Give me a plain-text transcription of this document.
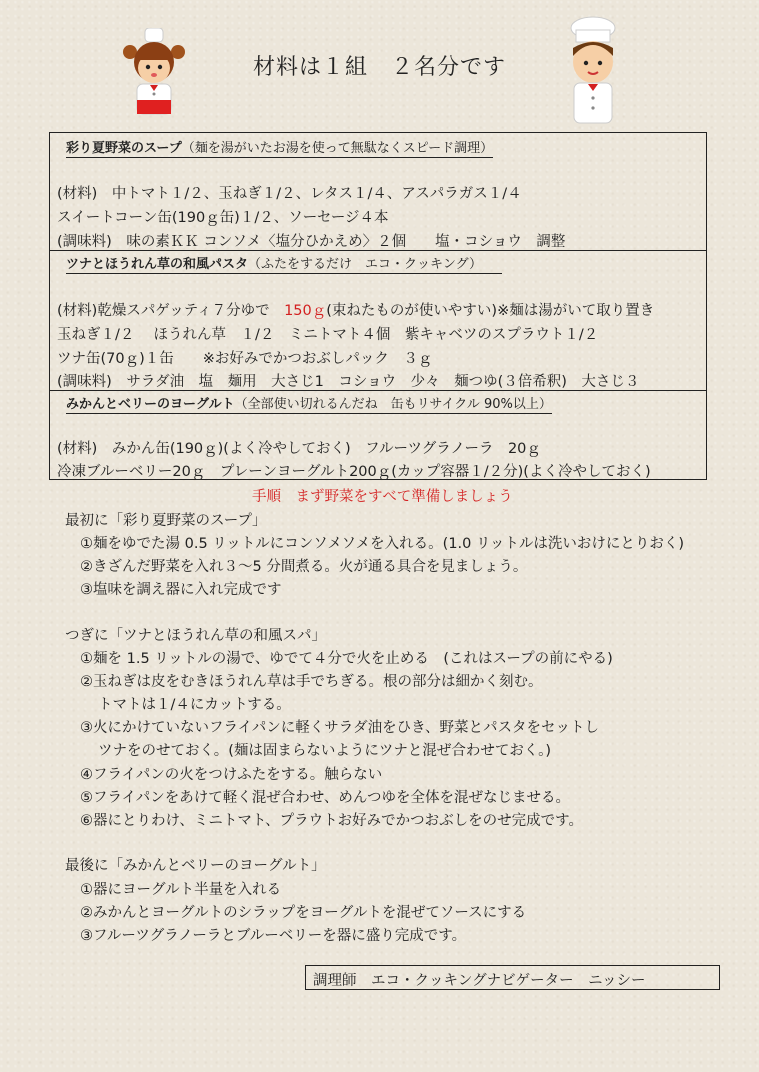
材料は１組　２名分です
彩り夏野菜のスープ（麺を湯がいたお湯を使って無駄なくスピード調理）
(材料)　中トマト１/２、玉ねぎ１/２、レタス１/４、アスパラガス１/４
スイートコーン缶(190ｇ缶)１/２、ソーセージ４本
(調味料)　味の素ＫＫ コンソメ〈塩分ひかえめ〉２個　　塩・コショウ　調整
ツナとほうれん草の和風パスタ（ふたをするだけ　エコ・クッキング）　　
(材料)乾燥スパゲッティ７分ゆで　150ｇ(束ねたものが使いやすい)※麺は湯がいて取り置き
玉ねぎ１/２　 ほうれん草　１/２　ミニトマト４個　紫キャベツのスプラウト１/２
ツナ缶(70ｇ)１缶　　※お好みでかつおぶしパック　３ｇ
(調味料)　サラダ油　塩　麺用　大さじ1　コショウ　少々　麺つゆ(３倍希釈)　大さじ３
みかんとベリーのヨーグルト（全部使い切れるんだね　缶もリサイクル 90%以上）
(材料)　みかん缶(190ｇ)(よく冷やしておく)　フルーツグラノーラ　20ｇ
冷凍ブルーベリー20ｇ　プレーンヨーグルト200ｇ(カップ容器１/２分)(よく冷やしておく)
手順　まず野菜をすべて準備しましょう
最初に「彩り夏野菜のスープ」
①麺をゆでた湯 0.5 リットルにコンソメソメを入れる。(1.0 リットルは洗いおけにとりおく)
②きざんだ野菜を入れ３～5 分間煮る。火が通る具合を見ましょう。
③塩味を調え器に入れ完成です
つぎに「ツナとほうれん草の和風スパ」
①麺を 1.5 リットルの湯で、ゆでて４分で火を止める　(これはスープの前にやる)
②玉ねぎは皮をむきほうれん草は手でちぎる。根の部分は細かく刻む。
トマトは１/４にカットする。
③火にかけていないフライパンに軽くサラダ油をひき、野菜とパスタをセットし
ツナをのせておく。(麺は固まらないようにツナと混ぜ合わせておく。)
④フライパンの火をつけふたをする。触らない
⑤フライパンをあけて軽く混ぜ合わせ、めんつゆを全体を混ぜなじませる。
⑥器にとりわけ、ミニトマト、プラウトお好みでかつおぶしをのせ完成です。
最後に「みかんとベリーのヨーグルト」
①器にヨーグルト半量を入れる
②みかんとヨーグルトのシラップをヨーグルトを混ぜてソースにする
③フルーツグラノーラとブルーベリーを器に盛り完成です。
調理師　エコ・クッキングナビゲーター　ニッシー
